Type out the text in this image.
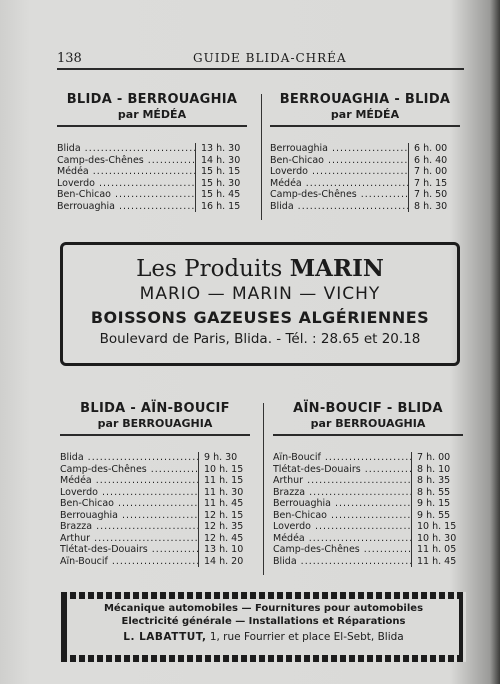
138	GUIDE BLIDA-CHRÉA
BLIDA - BERROUAGHIA
par MÉDÉA
Blida .....	13 h. 30
Camp-des-Chênes .....	14 h. 30
Médéa .....	15 h. 15
Loverdo .....	15 h. 30
Ben-Chicao .....	15 h. 45
Berrouaghia .....	16 h. 15
BERROUAGHIA - BLIDA
par MÉDÉA
Berrouaghia .....	6 h. 00
Ben-Chicao .....	6 h. 40
Loverdo .....	7 h. 00
Médéa .....	7 h. 15
Camp-des-Chênes .....	7 h. 50
Blida .....	8 h. 30
Les Produits MARIN
MARIO — MARIN — VICHY
BOISSONS GAZEUSES ALGÉRIENNES
Boulevard de Paris, Blida. - Tél. : 28.65 et 20.18
BLIDA - AÏN-BOUCIF
par BERROUAGHIA
Blida .....	9 h. 30
Camp-des-Chênes .....	10 h. 15
Médéa .....	11 h. 15
Loverdo .....	11 h. 30
Ben-Chicao .....	11 h. 45
Berrouaghia .....	12 h. 15
Brazza .....	12 h. 35
Arthur .....	12 h. 45
Tlétat-des-Douairs .....	13 h. 10
Aïn-Boucif .....	14 h. 20
AÏN-BOUCIF - BLIDA
par BERROUAGHIA
Aïn-Boucif .....	7 h. 00
Tlétat-des-Douairs .....	8 h. 10
Arthur .....	8 h. 35
Brazza .....	8 h. 55
Berrouaghia .....	9 h. 15
Ben-Chicao .....	9 h. 55
Loverdo .....	10 h. 15
Médéa .....	10 h. 30
Camp-des-Chênes .....	11 h. 05
Blida .....	11 h. 45
Mécanique automobiles — Fournitures pour automobiles
Electricité générale — Installations et Réparations
L. LABATTUT, 1, rue Fourrier et place El-Sebt, Blida
